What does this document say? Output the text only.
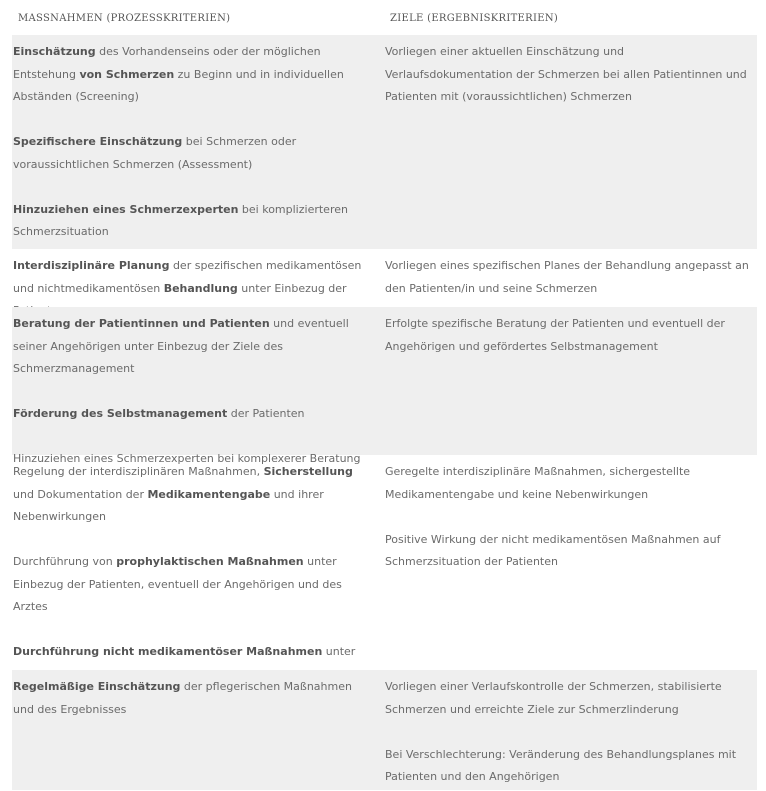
MASSNAHMEN (PROZESSKRITERIEN)	ZIELE (ERGEBNISKRITERIEN)
Einschätzung des Vorhandenseins oder der möglichen Entstehung von Schmerzen zu Beginn und in individuellen Abständen (Screening)
Spezifischere Einschätzung bei Schmerzen oder voraussichtlichen Schmerzen (Assessment)
Hinzuziehen eines Schmerzexperten bei komplizierteren Schmerzsituation
Vorliegen einer aktuellen Einschätzung und Verlaufsdokumentation der Schmerzen bei allen Patientinnen und Patienten mit (voraussichtlichen) Schmerzen
Interdisziplinäre Planung der spezifischen medikamentösen und nichtmedikamentösen Behandlung unter Einbezug der
Vorliegen eines spezifischen Planes der Behandlung angepasst an den Patienten/in und seine Schmerzen
Beratung der Patientinnen und Patienten und eventuell seiner Angehörigen unter Einbezug der Ziele des Schmerzmanagement
Förderung des Selbstmanagement der Patienten
Hinzuziehen eines Schmerzexperten bei komplexerer Beratung
Erfolgte spezifische Beratung der Patienten und eventuell der Angehörigen und gefördertes Selbstmanagement
Regelung der interdisziplinären Maßnahmen, Sicherstellung und Dokumentation der Medikamentengabe und ihrer Nebenwirkungen
Durchführung von prophylaktischen Maßnahmen unter Einbezug der Patienten, eventuell der Angehörigen und des Arztes
Durchführung nicht medikamentöser Maßnahmen unter
Geregelte interdisziplinäre Maßnahmen, sichergestellte Medikamentengabe und keine Nebenwirkungen
Positive Wirkung der nicht medikamentösen Maßnahmen auf Schmerzsituation der Patienten
Regelmäßige Einschätzung der pflegerischen Maßnahmen und des Ergebnisses
Vorliegen einer Verlaufskontrolle der Schmerzen, stabilisierte Schmerzen und erreichte Ziele zur Schmerzlinderung
Bei Verschlechterung: Veränderung des Behandlungsplanes mit Patienten und den Angehörigen
